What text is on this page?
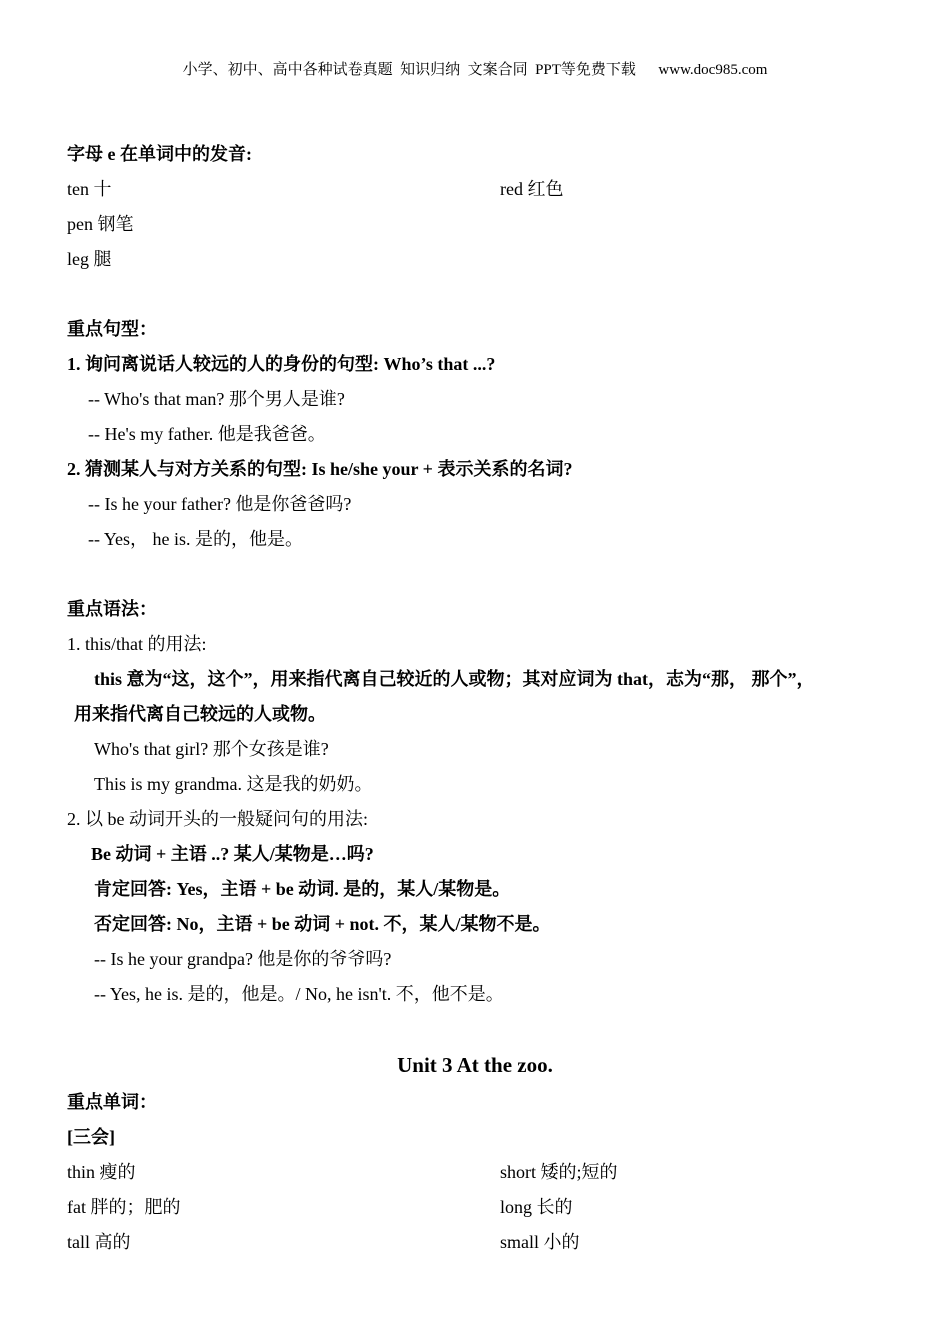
小学、初中、高中各种试卷真题  知识归纳  文案合同  PPT等免费下载      www.doc985.com
字母 e 在单词中的发音:
ten 十	red 红色
pen 钢笔
leg 腿
重点句型：
1. 询问离说话人较远的人的身份的句型: Who’s that ...?
-- Who's that man? 那个男人是谁?
-- He's my father. 他是我爸爸。
2. 猜测某人与对方关系的句型: Is he/she your + 表示关系的名词?
-- Is he your father? 他是你爸爸吗?
-- Yes， he is. 是的，他是。
重点语法：
1. this/that 的用法:
this 意为“这，这个”，用来指代离自己较近的人或物；其对应词为 that，志为“那， 那个”，
用来指代离自己较远的人或物。
Who's that girl? 那个女孩是谁?
This is my grandma. 这是我的奶奶。
2. 以 be 动词开头的一般疑问句的用法:
Be 动词 + 主语 ..? 某人/某物是…吗?
肯定回答: Yes，主语 + be 动词. 是的，某人/某物是。
否定回答: No，主语 + be 动词 + not. 不，某人/某物不是。
-- Is he your grandpa? 他是你的爷爷吗?
-- Yes, he is. 是的，他是。/ No, he isn't. 不，他不是。
Unit 3 At the zoo.
重点单词：
[三会]
thin 瘦的	short 矮的;短的
fat 胖的；肥的	long 长的
tall 高的	small 小的
